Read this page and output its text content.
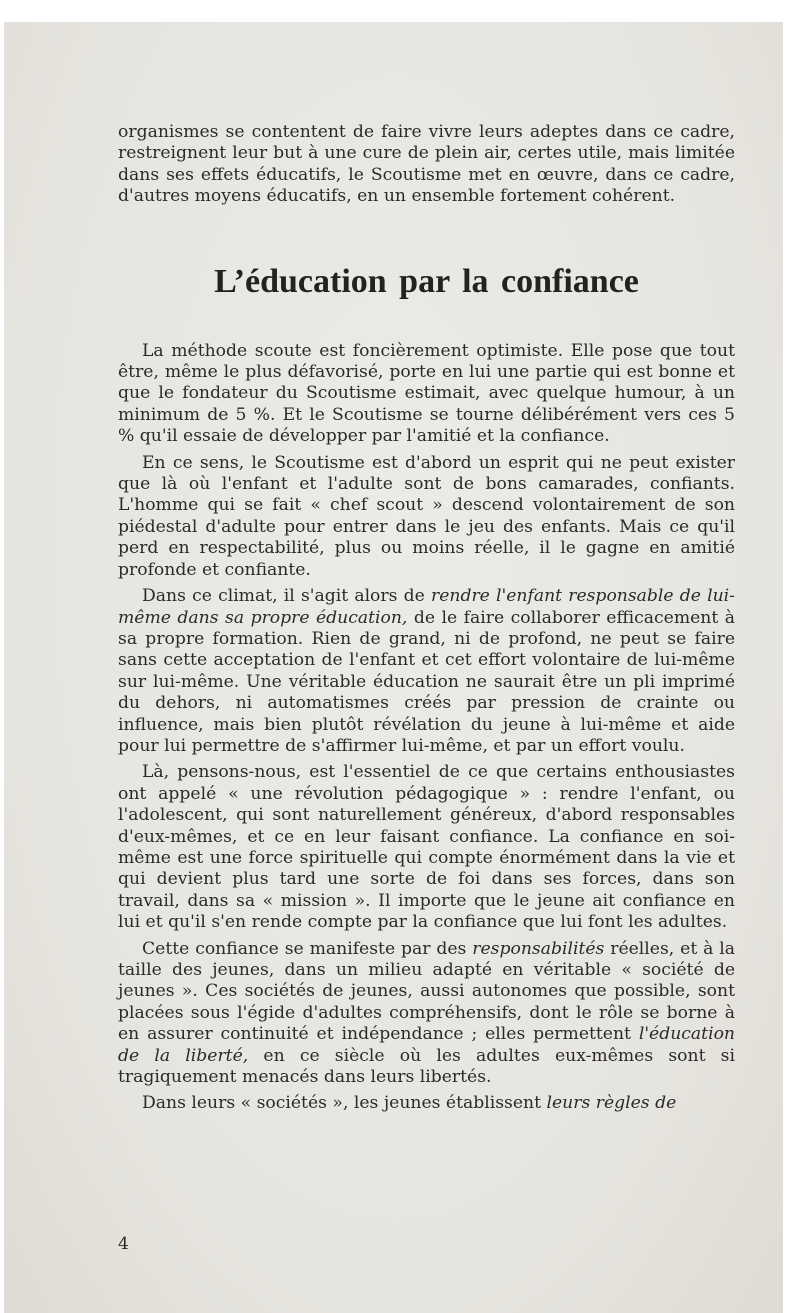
organismes se contentent de faire vivre leurs adeptes dans ce cadre, restreignent leur but à une cure de plein air, certes utile, mais limitée dans ses effets éducatifs, le Scoutisme met en œuvre, dans ce cadre, d'autres moyens éducatifs, en un ensemble fortement cohérent.

L’éducation par la confiance

La méthode scoute est foncièrement optimiste. Elle pose que tout être, même le plus défavorisé, porte en lui une partie qui est bonne et que le fondateur du Scoutisme estimait, avec quelque humour, à un minimum de 5 %. Et le Scoutisme se tourne délibérément vers ces 5 % qu'il essaie de développer par l'amitié et la confiance.

En ce sens, le Scoutisme est d'abord un esprit qui ne peut exister que là où l'enfant et l'adulte sont de bons camarades, confiants. L'homme qui se fait « chef scout » descend volontairement de son piédestal d'adulte pour entrer dans le jeu des enfants. Mais ce qu'il perd en respectabilité, plus ou moins réelle, il le gagne en amitié profonde et confiante.

Dans ce climat, il s'agit alors de rendre l'enfant responsable de lui-même dans sa propre éducation, de le faire collaborer efficacement à sa propre formation. Rien de grand, ni de profond, ne peut se faire sans cette acceptation de l'enfant et cet effort volontaire de lui-même sur lui-même. Une véritable éducation ne saurait être un pli imprimé du dehors, ni automatismes créés par pression de crainte ou influence, mais bien plutôt révélation du jeune à lui-même et aide pour lui permettre de s'affirmer lui-même, et par un effort voulu.

Là, pensons-nous, est l'essentiel de ce que certains enthousiastes ont appelé « une révolution pédagogique » : rendre l'enfant, ou l'adolescent, qui sont naturellement généreux, d'abord responsables d'eux-mêmes, et ce en leur faisant confiance. La confiance en soi-même est une force spirituelle qui compte énormément dans la vie et qui devient plus tard une sorte de foi dans ses forces, dans son travail, dans sa « mission ». Il importe que le jeune ait confiance en lui et qu'il s'en rende compte par la confiance que lui font les adultes.

Cette confiance se manifeste par des responsabilités réelles, et à la taille des jeunes, dans un milieu adapté en véritable « société de jeunes ». Ces sociétés de jeunes, aussi autonomes que possible, sont placées sous l'égide d'adultes compréhensifs, dont le rôle se borne à en assurer continuité et indépendance ; elles permettent l'éducation de la liberté, en ce siècle où les adultes eux-mêmes sont si tragiquement menacés dans leurs libertés.

Dans leurs « sociétés », les jeunes établissent leurs règles de

4
